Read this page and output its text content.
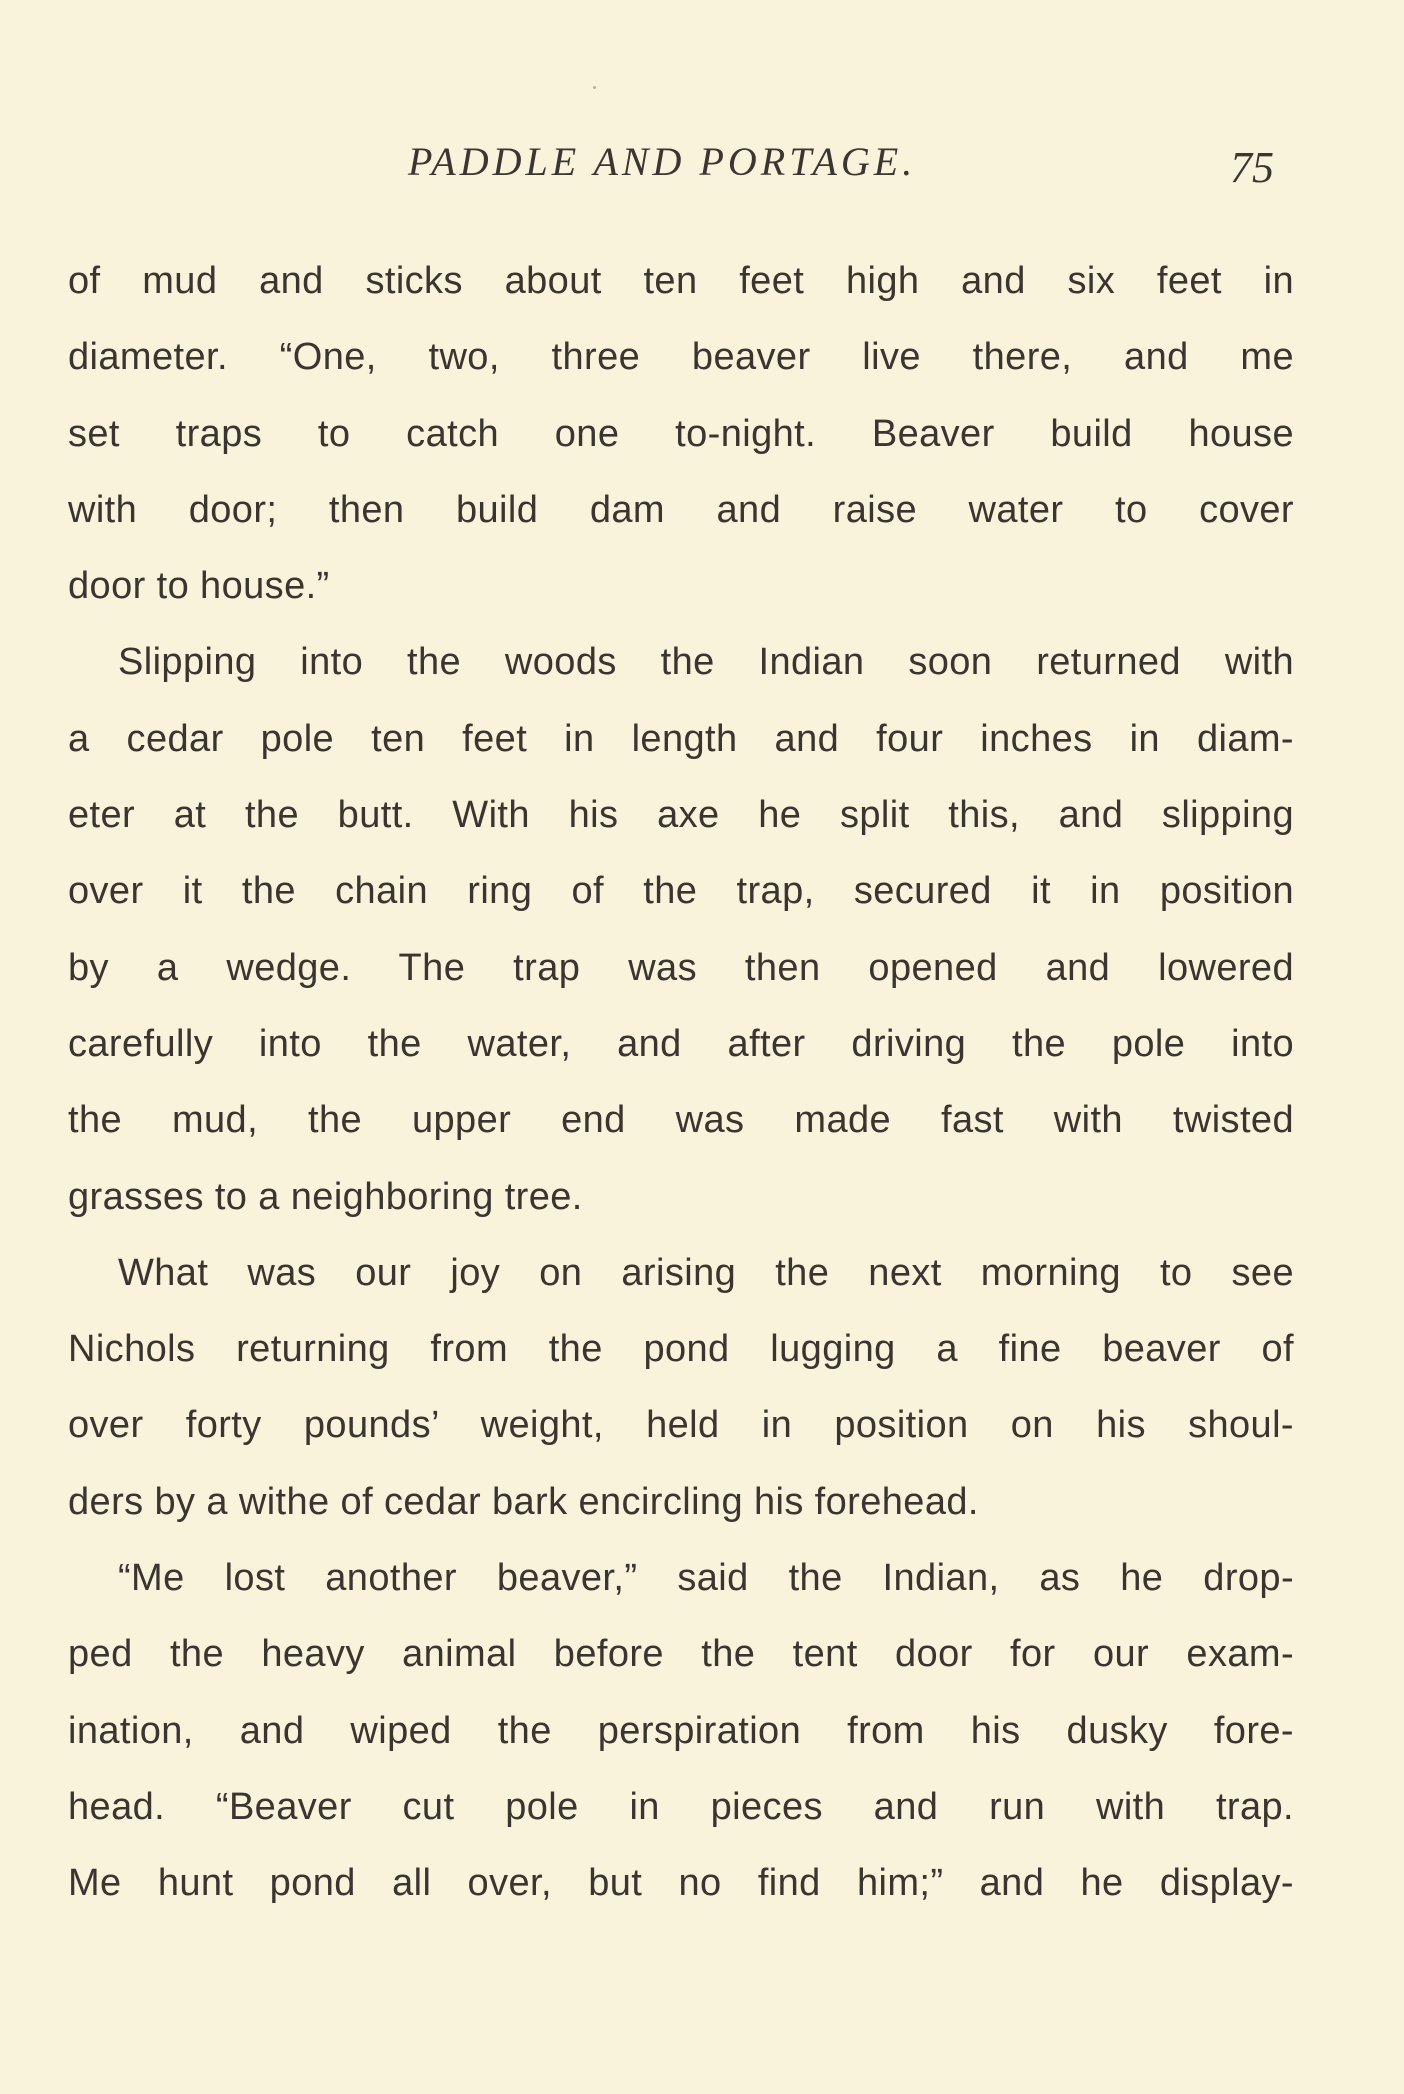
PADDLE AND PORTAGE.	75
of mud and sticks about ten feet high and six feet in
diameter. “One, two, three beaver live there, and me
set traps to catch one to-night. Beaver build house
with door; then build dam and raise water to cover
door to house.”
Slipping into the woods the Indian soon returned with
a cedar pole ten feet in length and four inches in diam-
eter at the butt. With his axe he split this, and slipping
over it the chain ring of the trap, secured it in position
by a wedge. The trap was then opened and lowered
carefully into the water, and after driving the pole into
the mud, the upper end was made fast with twisted
grasses to a neighboring tree.
What was our joy on arising the next morning to see
Nichols returning from the pond lugging a fine beaver of
over forty pounds’ weight, held in position on his shoul-
ders by a withe of cedar bark encircling his forehead.
“Me lost another beaver,” said the Indian, as he drop-
ped the heavy animal before the tent door for our exam-
ination, and wiped the perspiration from his dusky fore-
head. “Beaver cut pole in pieces and run with trap.
Me hunt pond all over, but no find him;” and he display-
